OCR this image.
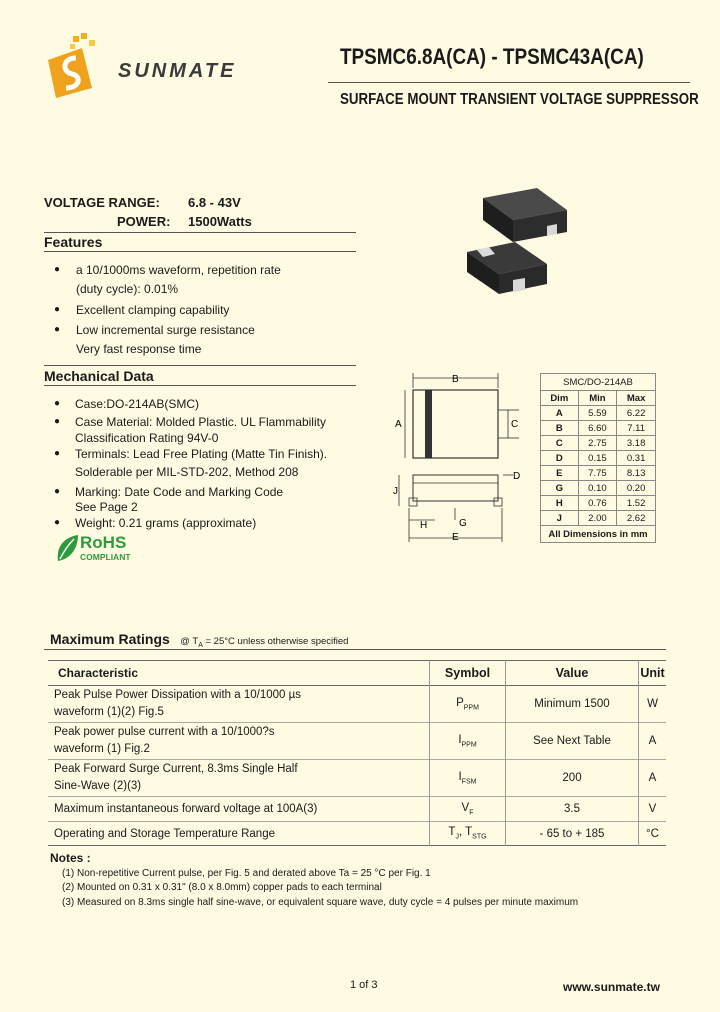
SUNMATE
TPSMC6.8A(CA) - TPSMC43A(CA)
SURFACE MOUNT TRANSIENT VOLTAGE SUPPRESSOR
VOLTAGE RANGE: 6.8 - 43V
POWER: 1500Watts
Features
● a 10/1000ms waveform, repetition rate
(duty cycle): 0.01%
● Excellent clamping capability
● Low incremental surge resistance
Very fast response time
Mechanical Data
● Case:DO-214AB(SMC)
● Case Material: Molded Plastic. UL Flammability
Classification Rating 94V-0
● Terminals: Lead Free Plating (Matte Tin Finish).
Solderable per MIL-STD-202, Method 208
● Marking: Date Code and Marking Code
See Page 2
● Weight: 0.21 grams (approximate)
RoHS
COMPLIANT
B
A	C
D
J
H	G
E
SMC/DO-214AB		
Dim	Min	Max
A	5.59	6.22
B	6.60	7.11
C	2.75	3.18
D	0.15	0.31
E	7.75	8.13
G	0.10	0.20
H	0.76	1.52
J	2.00	2.62
All Dimensions in mm		
Maximum Ratings @ $T_A = 25^\circ C$ unless otherwise specified
Characteristic	Symbol	Value	Unit
Peak Pulse Power Dissipation with a 10/1000 µs
waveform (1)(2) Fig.5	$P_{PPM}$	Minimum 1500	W
Peak power pulse current with a 10/1000?s
waveform (1) Fig.2	$I_{PPM}$	See Next Table	A
Peak Forward Surge Current, 8.3ms Single Half
Sine-Wave (2)(3)	$I_{FSM}$	200	A
Maximum instantaneous forward voltage at 100A(3)	$V_F$	3.5	V
Operating and Storage Temperature Range	$T_J$, $T_{STG}$	- 65 to + 185	°C
Notes :
(1) Non-repetitive Current pulse, per Fig. 5 and derated above Ta = 25 °C per Fig. 1
(2) Mounted on 0.31 x 0.31" (8.0 x 8.0mm) copper pads to each terminal
(3) Measured on 8.3ms single half sine-wave, or equivalent square wave, duty cycle = 4 pulses per minute maximum
1 of 3	www.sunmate.tw
